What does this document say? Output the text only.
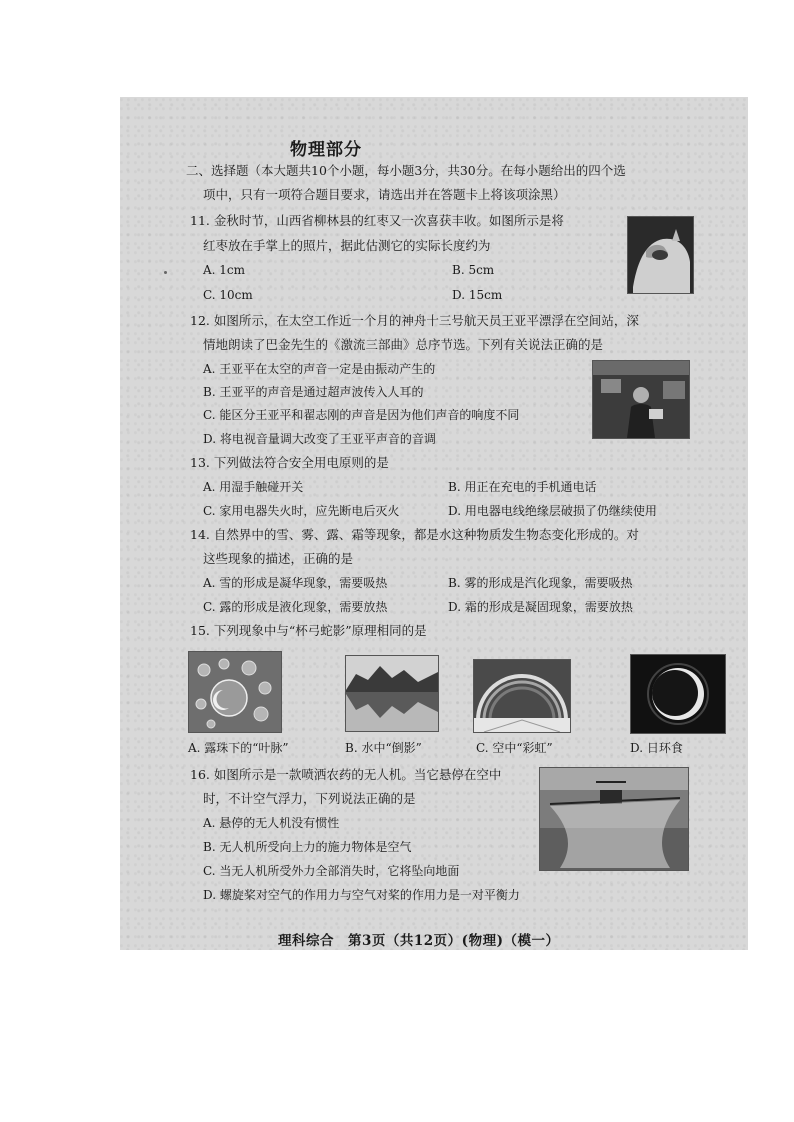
物理部分
二、选择题（本大题共10个小题，每小题3分，共30分。在每小题给出的四个选
项中，只有一项符合题目要求，请选出并在答题卡上将该项涂黑）
11. 金秋时节，山西省柳林县的红枣又一次喜获丰收。如图所示是将
红枣放在手掌上的照片，据此估测它的实际长度约为
A. 1cm	B. 5cm
C. 10cm	D. 15cm
12. 如图所示，在太空工作近一个月的神舟十三号航天员王亚平漂浮在空间站，深
情地朗读了巴金先生的《激流三部曲》总序节选。下列有关说法正确的是
A. 王亚平在太空的声音一定是由振动产生的
B. 王亚平的声音是通过超声波传入人耳的
C. 能区分王亚平和翟志刚的声音是因为他们声音的响度不同
D. 将电视音量调大改变了王亚平声音的音调
13. 下列做法符合安全用电原则的是
A. 用湿手触碰开关	B. 用正在充电的手机通电话
C. 家用电器失火时，应先断电后灭火	D. 用电器电线绝缘层破损了仍继续使用
14. 自然界中的雪、雾、露、霜等现象，都是水这种物质发生物态变化形成的。对
这些现象的描述，正确的是
A. 雪的形成是凝华现象，需要吸热	B. 雾的形成是汽化现象，需要吸热
C. 露的形成是液化现象，需要放热	D. 霜的形成是凝固现象，需要放热
15. 下列现象中与“杯弓蛇影”原理相同的是
A. 露珠下的“叶脉”	B. 水中“倒影”	C. 空中“彩虹”	D. 日环食
16. 如图所示是一款喷洒农药的无人机。当它悬停在空中
时，不计空气浮力，下列说法正确的是
A. 悬停的无人机没有惯性
B. 无人机所受向上力的施力物体是空气
C. 当无人机所受外力全部消失时，它将坠向地面
D. 螺旋桨对空气的作用力与空气对桨的作用力是一对平衡力
理科综合　第3页（共12页）(物理)（模一）
